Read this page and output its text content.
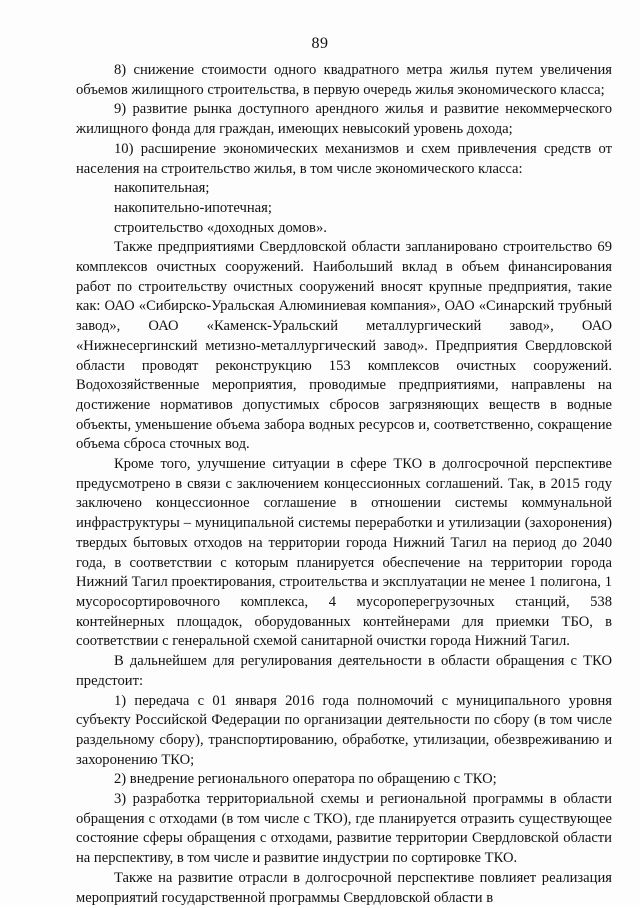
89

8) снижение стоимости одного квадратного метра жилья путем увеличения объемов жилищного строительства, в первую очередь жилья экономического класса;

9) развитие рынка доступного арендного жилья и развитие некоммерческого жилищного фонда для граждан, имеющих невысокий уровень дохода;

10) расширение экономических механизмов и схем привлечения средств от населения на строительство жилья, в том числе экономического класса:

накопительная;

накопительно-ипотечная;

строительство «доходных домов».

Также предприятиями Свердловской области запланировано строительство 69 комплексов очистных сооружений. Наибольший вклад в объем финансирования работ по строительству очистных сооружений вносят крупные предприятия, такие как: ОАО «Сибирско-Уральская Алюминиевая компания», ОАО «Синарский трубный завод», ОАО «Каменск-Уральский металлургический завод», ОАО «Нижнесергинский метизно-металлургический завод». Предприятия Свердловской области проводят реконструкцию 153 комплексов очистных сооружений. Водохозяйственные мероприятия, проводимые предприятиями, направлены на достижение нормативов допустимых сбросов загрязняющих веществ в водные объекты, уменьшение объема забора водных ресурсов и, соответственно, сокращение объема сброса сточных вод.

Кроме того, улучшение ситуации в сфере ТКО в долгосрочной перспективе предусмотрено в связи с заключением концессионных соглашений. Так, в 2015 году заключено концессионное соглашение в отношении системы коммунальной инфраструктуры – муниципальной системы переработки и утилизации (захоронения) твердых бытовых отходов на территории города Нижний Тагил на период до 2040 года, в соответствии с которым планируется обеспечение на территории города Нижний Тагил проектирования, строительства и эксплуатации не менее 1 полигона, 1 мусоросортировочного комплекса, 4 мусороперегрузочных станций, 538 контейнерных площадок, оборудованных контейнерами для приемки ТБО, в соответствии с генеральной схемой санитарной очистки города Нижний Тагил.

В дальнейшем для регулирования деятельности в области обращения с ТКО предстоит:

1) передача с 01 января 2016 года полномочий с муниципального уровня субъекту Российской Федерации по организации деятельности по сбору (в том числе раздельному сбору), транспортированию, обработке, утилизации, обезвреживанию и захоронению ТКО;

2) внедрение регионального оператора по обращению с ТКО;

3) разработка территориальной схемы и региональной программы в области обращения с отходами (в том числе с ТКО), где планируется отразить существующее состояние сферы обращения с отходами, развитие территории Свердловской области на перспективу, в том числе и развитие индустрии по сортировке ТКО.

Также на развитие отрасли в долгосрочной перспективе повлияет реализация мероприятий государственной программы Свердловской области в
